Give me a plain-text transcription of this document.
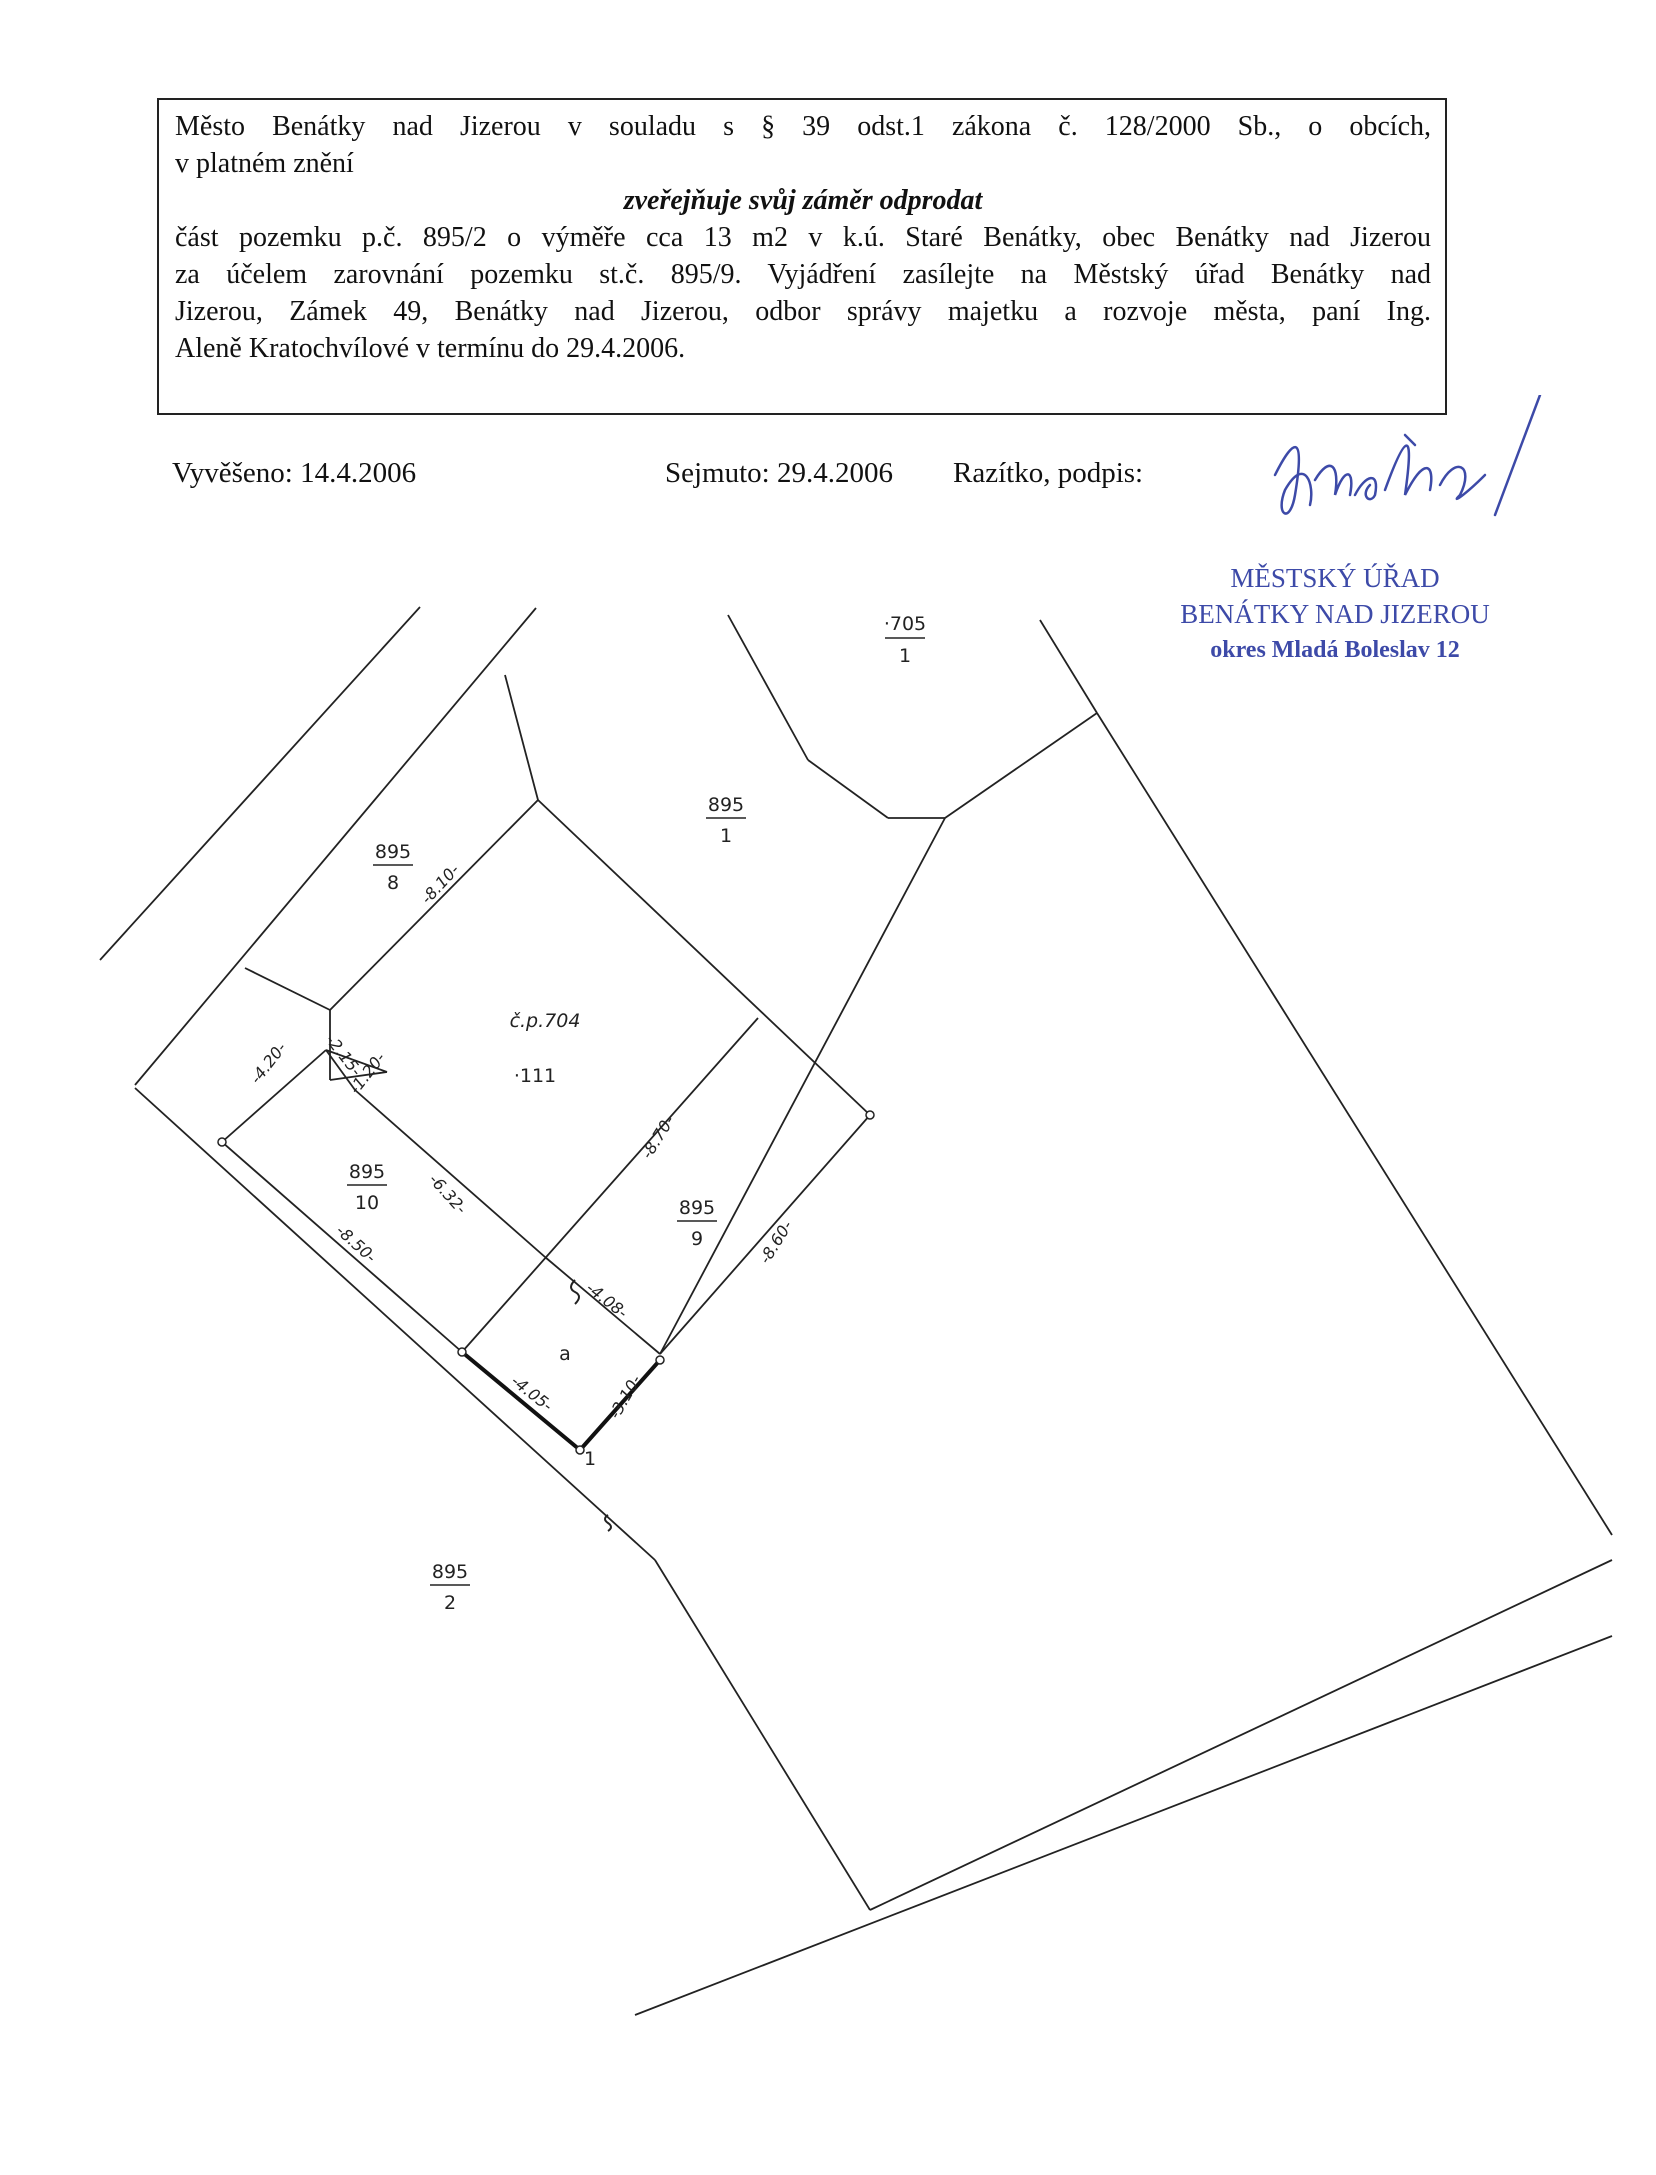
Město Benátky nad Jizerou v souladu s § 39 odst.1 zákona č. 128/2000 Sb., o obcích,

v platném znění

zveřejňuje svůj záměr odprodat

část pozemku p.č. 895/2 o výměře cca 13 m2 v k.ú. Staré Benátky, obec Benátky nad Jizerou

za účelem zarovnání pozemku st.č. 895/9. Vyjádření zasílejte na Městský úřad Benátky nad

Jizerou, Zámek 49, Benátky nad Jizerou, odbor správy majetku a rozvoje města, paní Ing.

Aleně Kratochvílové v termínu do 29.4.2006.

Vyvěšeno: 14.4.2006	Sejmuto: 29.4.2006 Razítko, podpis:
MĚSTSKÝ ÚŘAD
BENÁTKY NAD JIZEROU
okres Mladá Boleslav 12
·705
1
895
1
895
8
895
10	895
9
895
2
č.p.704
·111
a
1
-8.10-
-4.20- -2.15-
-1.20-
-6.32-
-8.50-
-8.70-
-8.60-
-4.08-
-4.05-	-3.10-
